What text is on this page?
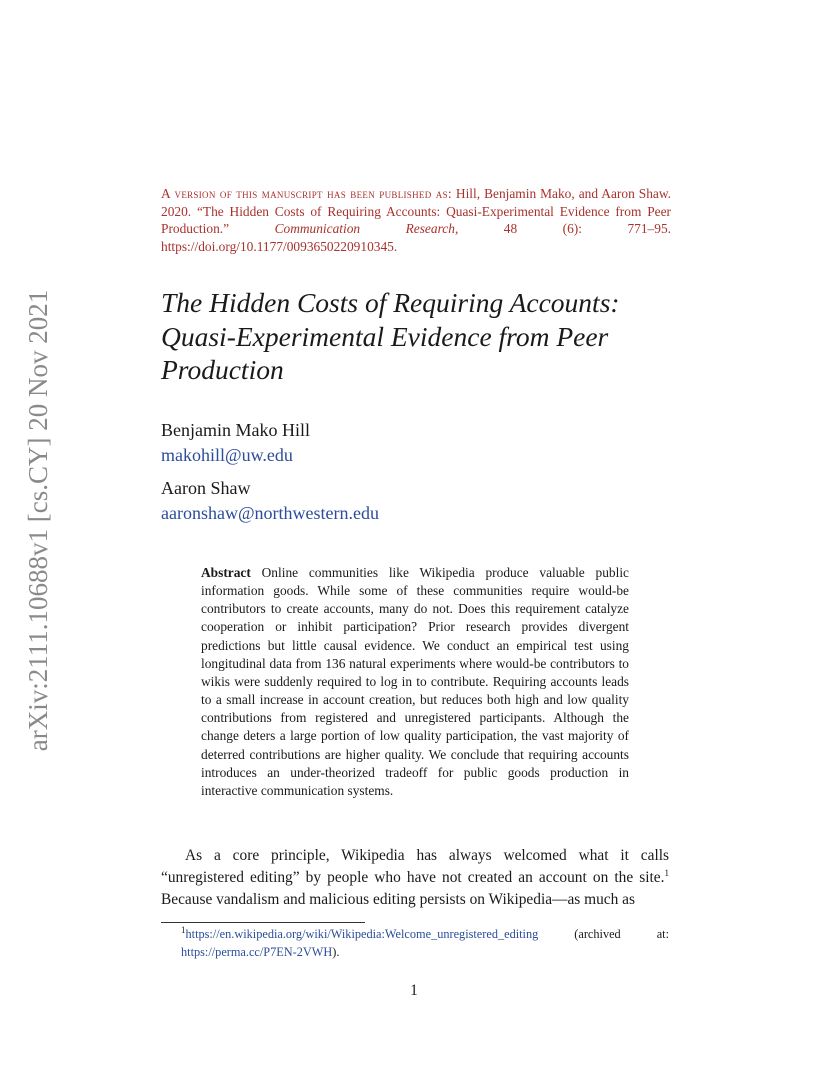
arXiv:2111.10688v1 [cs.CY] 20 Nov 2021
A version of this manuscript has been published as: Hill, Benjamin Mako, and Aaron Shaw. 2020. “The Hidden Costs of Requiring Accounts: Quasi-Experimental Evidence from Peer Production.”	Communication Research, 48 (6): 771–95. https://doi.org/10.1177/0093650220910345.
The Hidden Costs of Requiring Accounts: Quasi-Experimental Evidence from Peer Production
Benjamin Mako Hill
makohill@uw.edu
Aaron Shaw
aaronshaw@northwestern.edu
Abstract Online communities like Wikipedia produce valuable public information goods. While some of these communities require would-be contributors to create accounts, many do not. Does this requirement catalyze cooperation or inhibit participation? Prior research provides divergent predictions but little causal evidence. We conduct an empirical test using longitudinal data from 136 natural experiments where would-be contributors to wikis were suddenly required to log in to contribute. Requiring accounts leads to a small increase in account creation, but reduces both high and low quality contributions from registered and unregistered participants. Although the change deters a large portion of low quality participation, the vast majority of deterred contributions are higher quality. We conclude that requiring accounts introduces an under-theorized tradeoff for public goods production in interactive communication systems.

As a core principle, Wikipedia has always welcomed what it calls “unregistered editing” by people who have not created an account on the site.$^1$ Because vandalism and malicious editing persists on Wikipedia—as much as

$^1$https://en.wikipedia.org/wiki/Wikipedia:Welcome_unregistered_editing (archived at: https://perma.cc/P7EN-2VWH).
1
